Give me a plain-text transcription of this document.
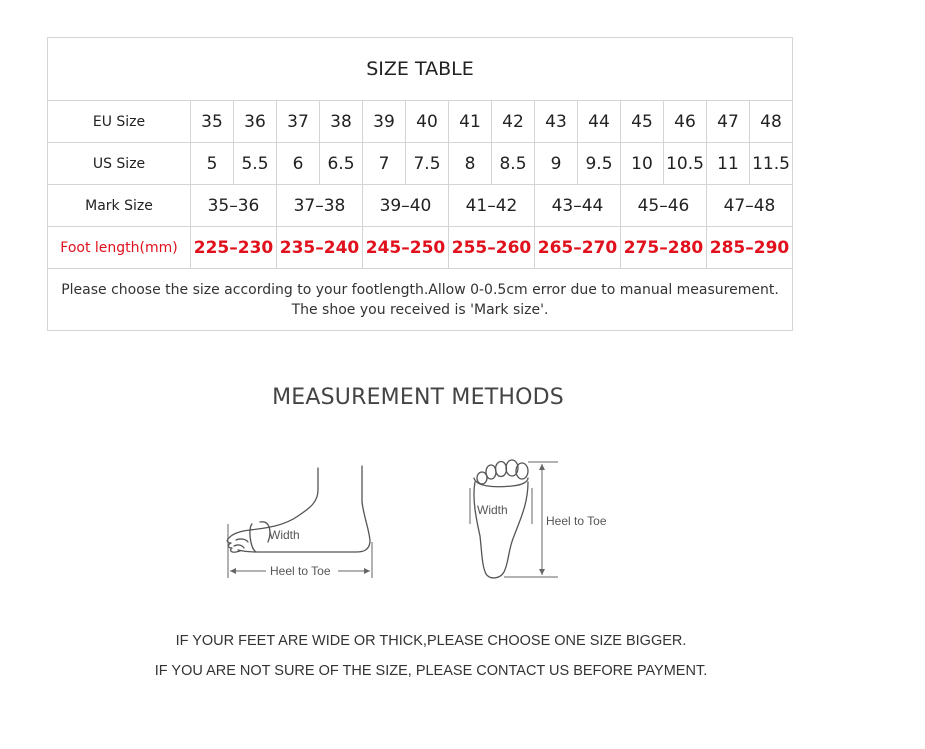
SIZE TABLE														
EU Size	35	36	37	38	39	40	41	42	43	44	45	46	47	48
US Size	5	5.5	6	6.5	7	7.5	8	8.5	9	9.5	10	10.5	11	11.5
Mark Size	35–36		37–38		39–40		41–42		43–44		45–46		47–48	
Foot length(mm)	225–230		235–240		245–250		255–260		265–270		275–280		285–290	

Please choose the size according to your footlength.Allow 0-0.5cm error due to manual measurement.
The shoe you received is 'Mark size'.														
MEASUREMENT METHODS
Width
Heel to Toe
Width
Heel to Toe
IF YOUR FEET ARE WIDE OR THICK,PLEASE CHOOSE ONE SIZE BIGGER.
IF YOU ARE NOT SURE OF THE SIZE, PLEASE CONTACT US BEFORE PAYMENT.
